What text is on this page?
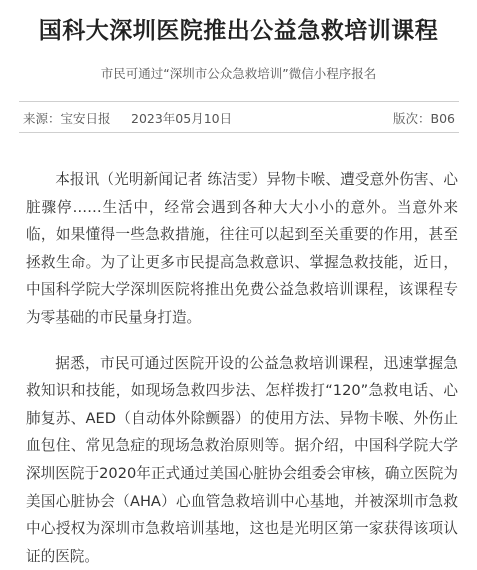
国科大深圳医院推出公益急救培训课程
市民可通过“深圳市公众急救培训”微信小程序报名
来源：宝安日报 2023年05月10日	版次：B06

本报讯（光明新闻记者 练洁雯）异物卡喉、遭受意外伤害、心脏骤停……生活中，经常会遇到各种大大小小的意外。当意外来临，如果懂得一些急救措施，往往可以起到至关重要的作用，甚至拯救生命。为了让更多市民提高急救意识、掌握急救技能，近日，中国科学院大学深圳医院将推出免费公益急救培训课程，该课程专为零基础的市民量身打造。

据悉，市民可通过医院开设的公益急救培训课程，迅速掌握急救知识和技能，如现场急救四步法、怎样拨打“120”急救电话、心肺复苏、AED（自动体外除颤器）的使用方法、异物卡喉、外伤止血包住、常见急症的现场急救治原则等。据介绍，中国科学院大学深圳医院于2020年正式通过美国心脏协会组委会审核，确立医院为美国心脏协会（AHA）心血管急救培训中心基地，并被深圳市急救中心授权为深圳市急救培训基地，这也是光明区第一家获得该项认证的医院。
